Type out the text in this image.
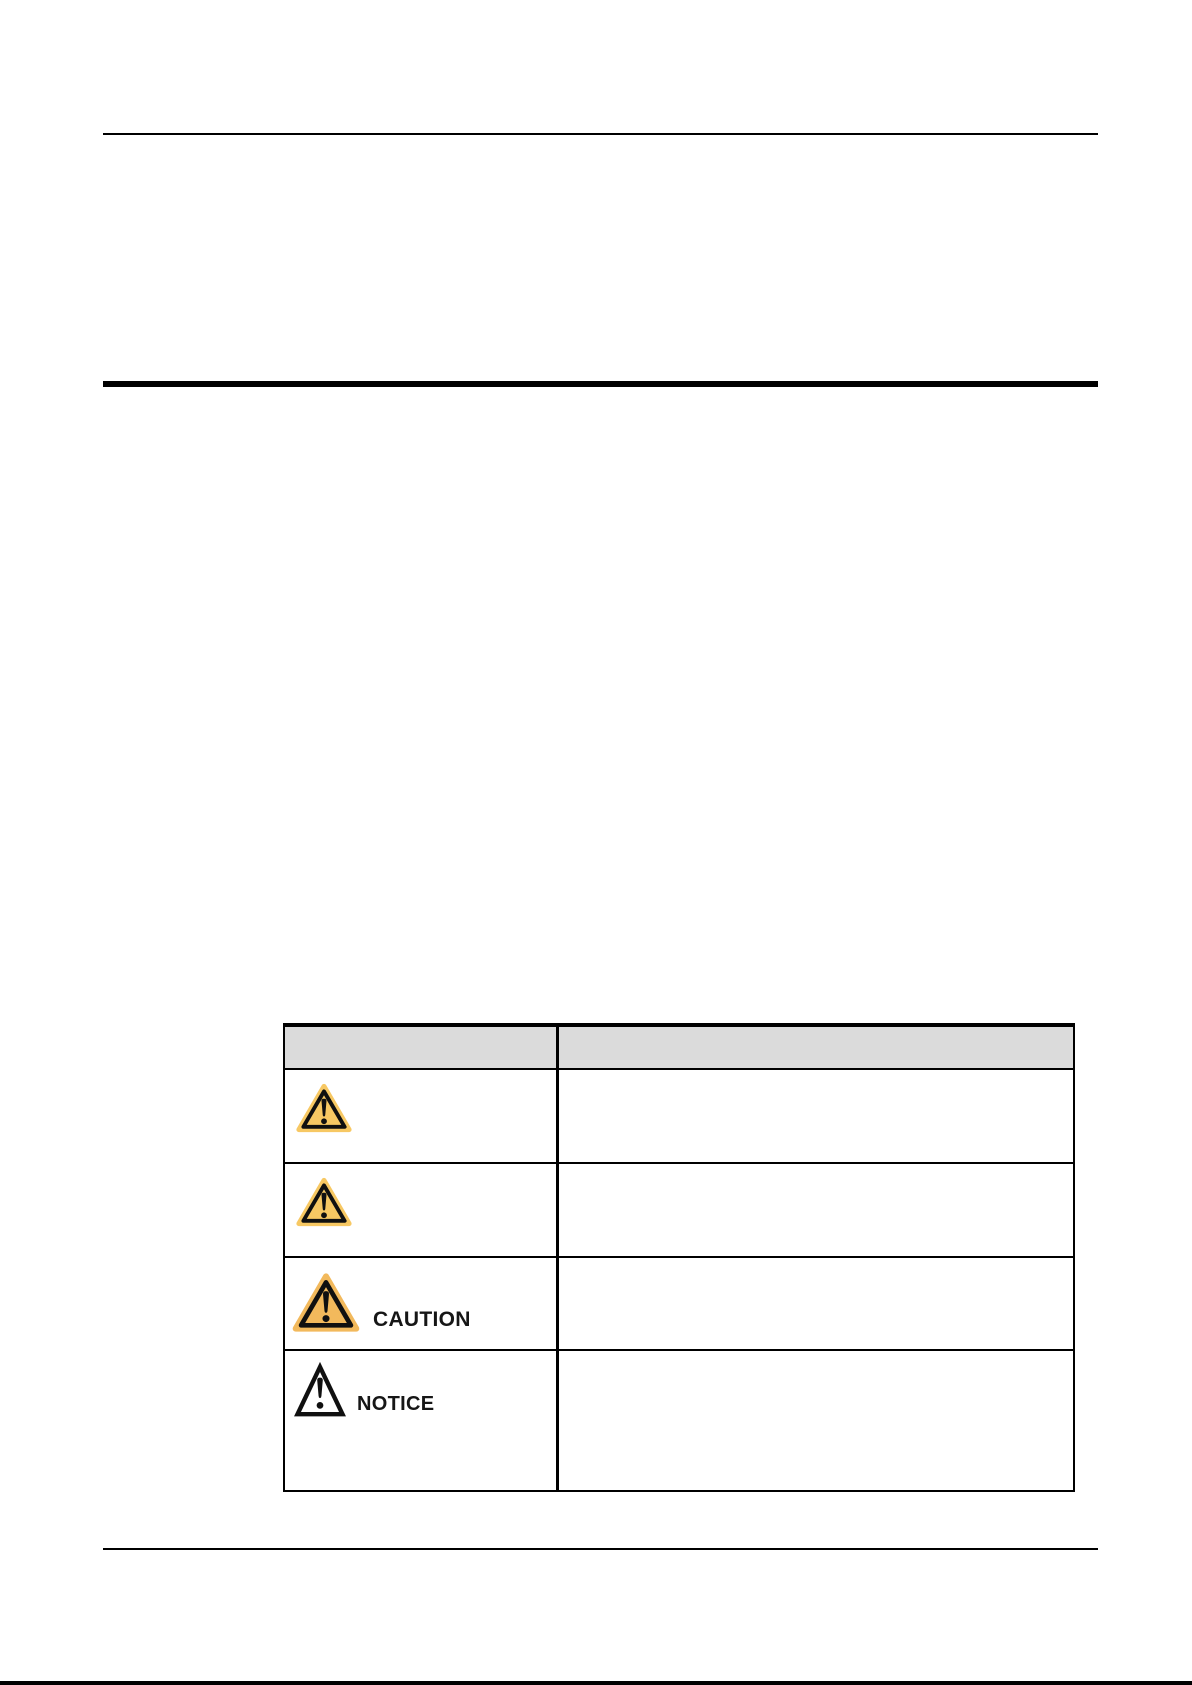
CAUTION
NOTICE
